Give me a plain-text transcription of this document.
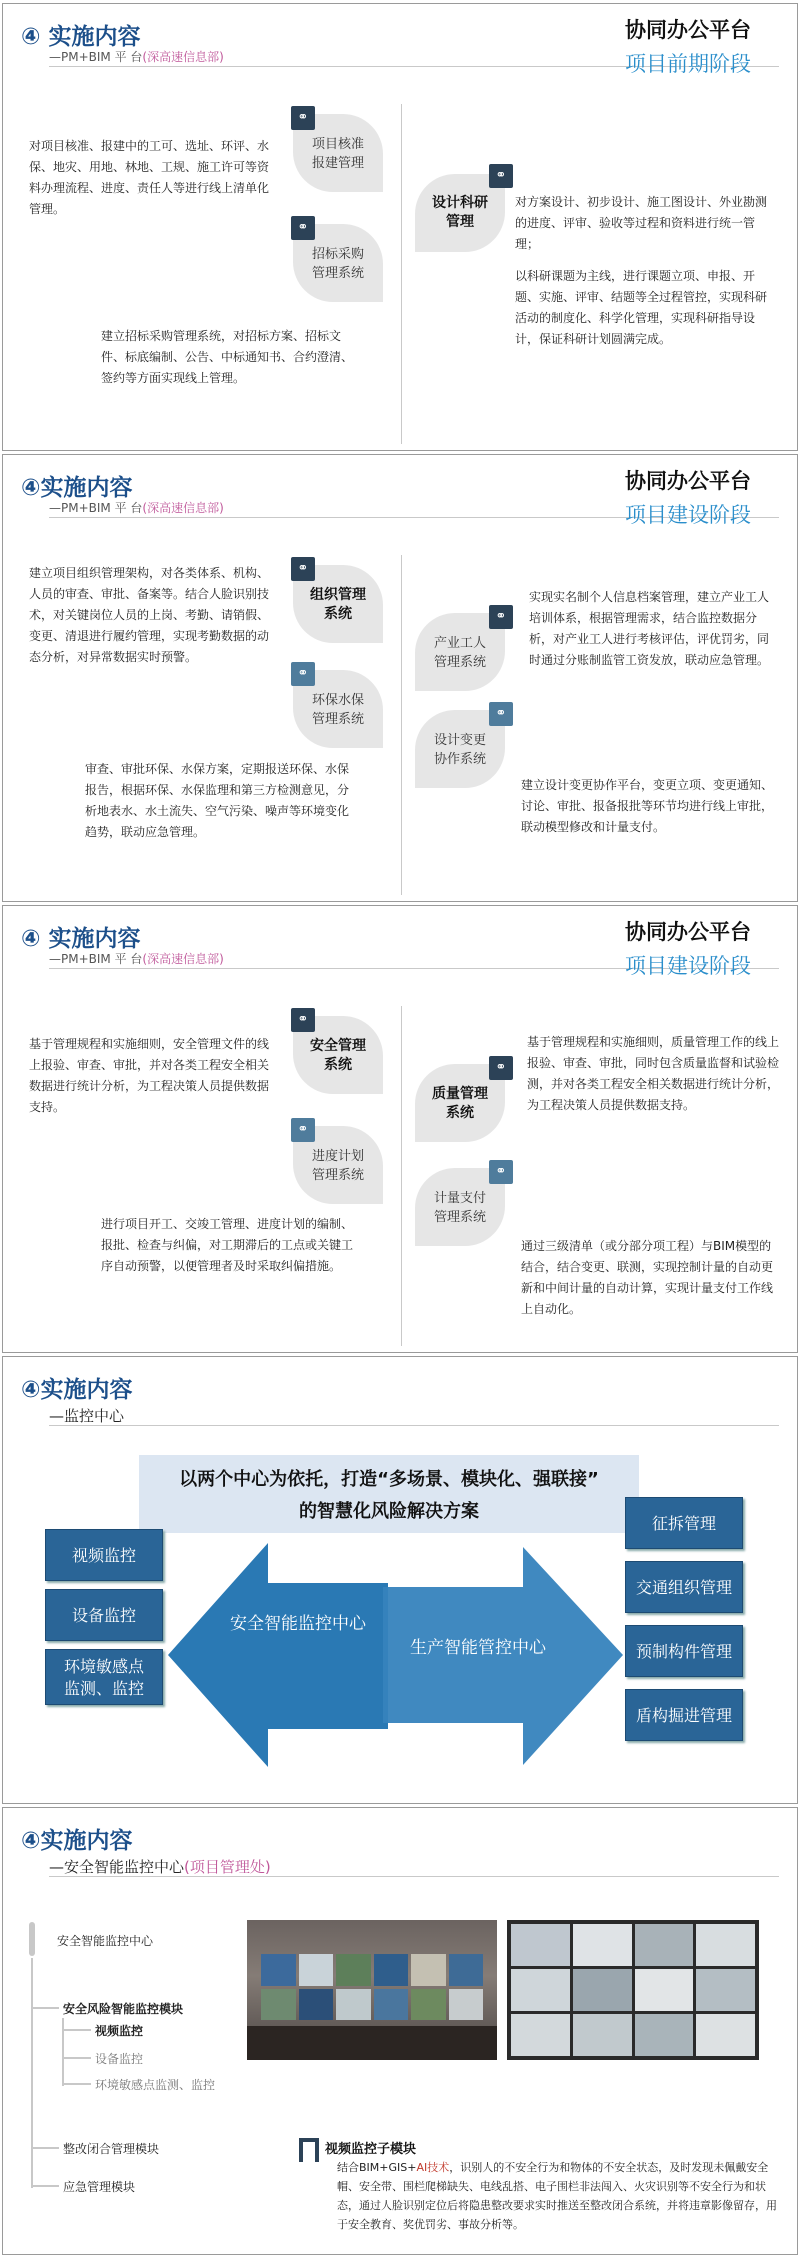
④ 实施内容
—PM+BIM 平 台(深高速信息部)
协同办公平台
项目前期阶段
⚭
项目核准
报建管理
⚭
招标采购
管理系统
⚭
设计科研
管理
对项目核准、报建中的工可、选址、环评、水保、地灾、用地、林地、工规、施工许可等资料办理流程、进度、责任人等进行线上清单化管理。
建立招标采购管理系统，对招标方案、招标文件、标底编制、公告、中标通知书、合约澄清、签约等方面实现线上管理。
对方案设计、初步设计、施工图设计、外业勘测的进度、评审、验收等过程和资料进行统一管理；
以科研课题为主线，进行课题立项、申报、开题、实施、评审、结题等全过程管控，实现科研活动的制度化、科学化管理，实现科研指导设计，保证科研计划圆满完成。
④实施内容
—PM+BIM 平 台(深高速信息部)
协同办公平台
项目建设阶段
⚭
组织管理
系统
⚭
环保水保
管理系统
⚭
产业工人
管理系统
⚭
设计变更
协作系统
建立项目组织管理架构，对各类体系、机构、人员的审查、审批、备案等。结合人脸识别技术，对关键岗位人员的上岗、考勤、请销假、变更、清退进行履约管理，实现考勤数据的动态分析，对异常数据实时预警。
审查、审批环保、水保方案，定期报送环保、水保报告，根据环保、水保监理和第三方检测意见，分析地表水、水土流失、空气污染、噪声等环境变化趋势，联动应急管理。
实现实名制个人信息档案管理，建立产业工人培训体系，根据管理需求，结合监控数据分析，对产业工人进行考核评估，评优罚劣，同时通过分账制监管工资发放，联动应急管理。
建立设计变更协作平台，变更立项、变更通知、讨论、审批、报备报批等环节均进行线上审批，联动模型修改和计量支付。
④ 实施内容
—PM+BIM 平 台(深高速信息部)
协同办公平台
项目建设阶段
⚭
安全管理
系统
⚭
进度计划
管理系统
⚭
质量管理
系统
⚭
计量支付
管理系统
基于管理规程和实施细则，安全管理文件的线上报验、审查、审批，并对各类工程安全相关数据进行统计分析，为工程决策人员提供数据支持。
进行项目开工、交竣工管理、进度计划的编制、报批、检查与纠偏，对工期滞后的工点或关键工序自动预警，以便管理者及时采取纠偏措施。
基于管理规程和实施细则，质量管理工作的线上报验、审查、审批，同时包含质量监督和试验检测，并对各类工程安全相关数据进行统计分析，为工程决策人员提供数据支持。
通过三级清单（或分部分项工程）与BIM模型的结合，结合变更、联测，实现控制计量的自动更新和中间计量的自动计算，实现计量支付工作线上自动化。
④实施内容
—监控中心
以两个中心为依托，打造“多场景、模块化、强联接”
的智慧化风险解决方案
安全智能监控中心
生产智能管控中心
视频监控
设备监控
环境敏感点
监测、监控
征拆管理
交通组织管理
预制构件管理
盾构掘进管理
④实施内容
—安全智能监控中心(项目管理处)
安全智能监控中心
安全风险智能监控模块
视频监控
设备监控
环境敏感点监测、监控
整改闭合管理模块
应急管理模块
视频监控子模块
结合BIM+GIS+AI技术，识别人的不安全行为和物体的不安全状态，及时发现未佩戴安全帽、安全带、围栏爬梯缺失、电线乱搭、电子围栏非法闯入、火灾识别等不安全行为和状态，通过人脸识别定位后将隐患整改要求实时推送至整改闭合系统，并将违章影像留存，用于安全教育、奖优罚劣、事故分析等。
